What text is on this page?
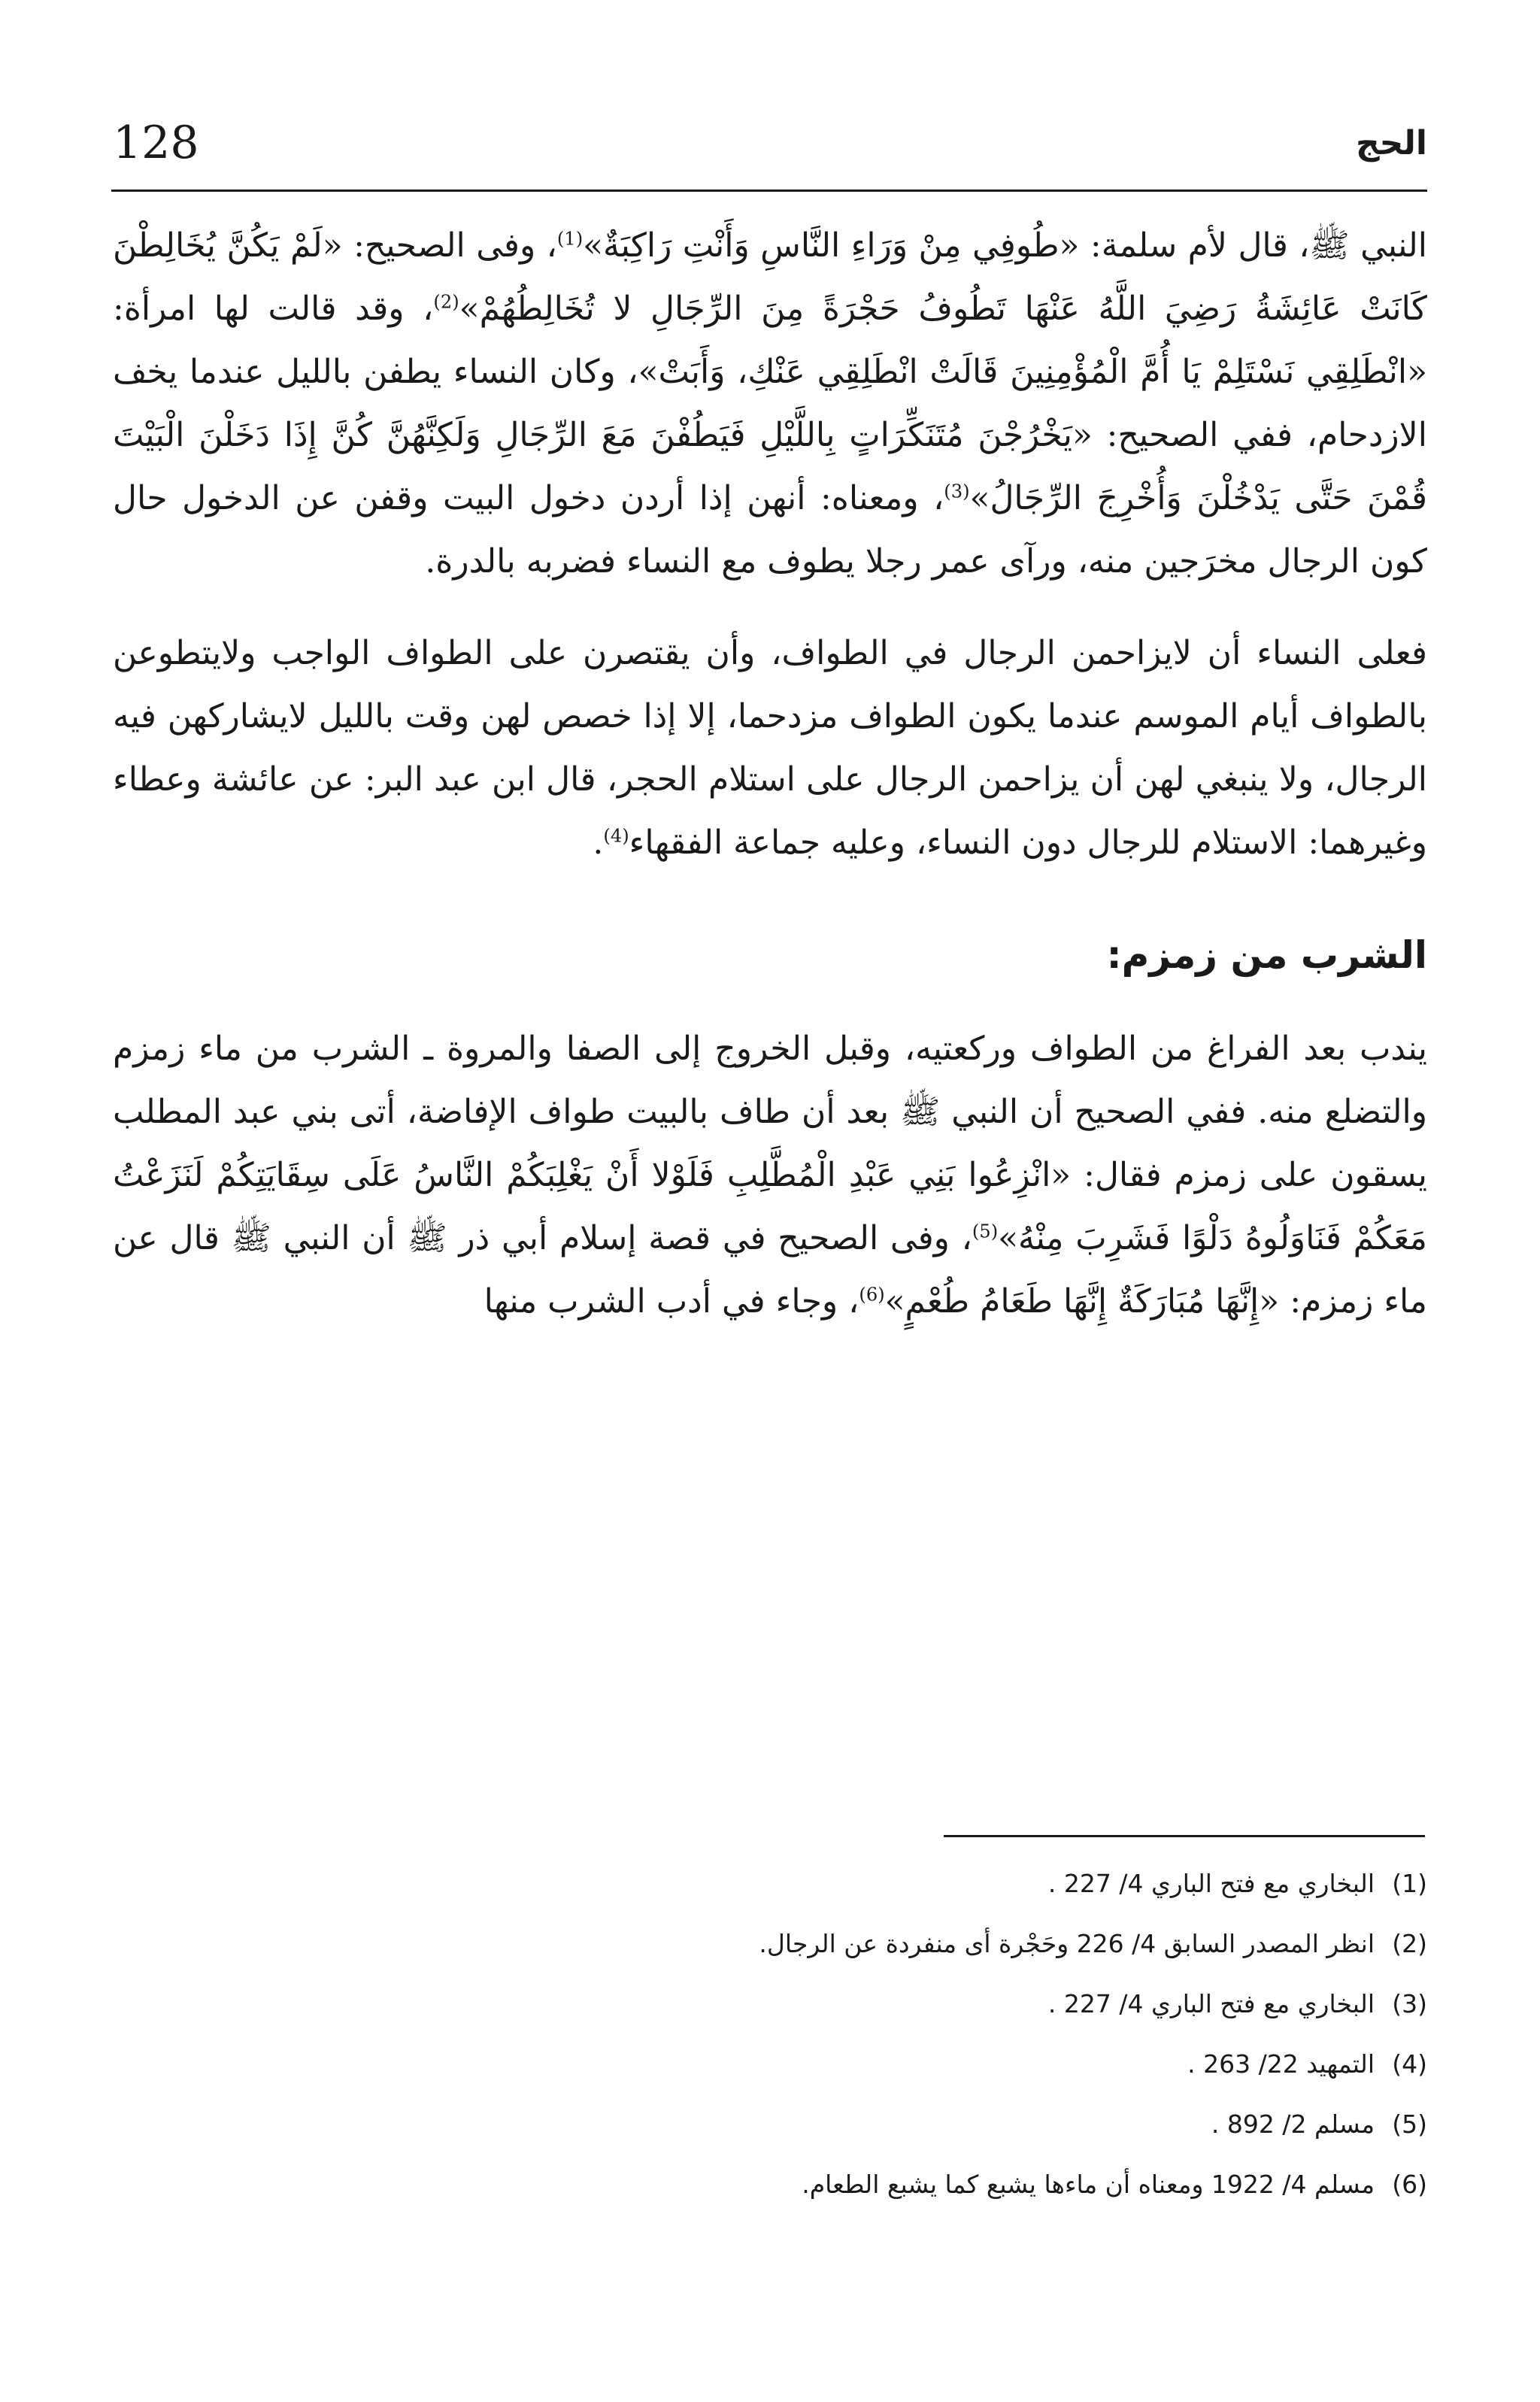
128	الحج

النبي ﷺ، قال لأم سلمة: «طُوفِي مِنْ وَرَاءِ النَّاسِ وَأَنْتِ رَاكِبَةٌ»$^{(1)}$، وفى الصحيح: «لَمْ يَكُنَّ يُخَالِطْنَ كَانَتْ عَائِشَةُ رَضِيَ اللَّهُ عَنْهَا تَطُوفُ حَجْرَةً مِنَ الرِّجَالِ لا تُخَالِطُهُمْ»$^{(2)}$، وقد قالت لها امرأة: «انْطَلِقِي نَسْتَلِمْ يَا أُمَّ الْمُؤْمِنِينَ قَالَتْ انْطَلِقِي عَنْكِ، وَأَبَتْ»، وكان النساء يطفن بالليل عندما يخف الازدحام، ففي الصحيح: «يَخْرُجْنَ مُتَنَكِّرَاتٍ بِاللَّيْلِ فَيَطُفْنَ مَعَ الرِّجَالِ وَلَكِنَّهُنَّ كُنَّ إِذَا دَخَلْنَ الْبَيْتَ قُمْنَ حَتَّى يَدْخُلْنَ وَأُخْرِجَ الرِّجَالُ»$^{(3)}$، ومعناه: أنهن إذا أردن دخول البيت وقفن عن الدخول حال كون الرجال مخرَجين منه، ورآى عمر رجلا يطوف مع النساء فضربه بالدرة.

فعلى النساء أن لايزاحمن الرجال في الطواف، وأن يقتصرن على الطواف الواجب ولايتطوعن بالطواف أيام الموسم عندما يكون الطواف مزدحما، إلا إذا خصص لهن وقت بالليل لايشاركهن فيه الرجال، ولا ينبغي لهن أن يزاحمن الرجال على استلام الحجر، قال ابن عبد البر: عن عائشة وعطاء وغيرهما: الاستلام للرجال دون النساء، وعليه جماعة الفقهاء$^{(4)}$.

الشرب من زمزم:

يندب بعد الفراغ من الطواف وركعتيه، وقبل الخروج إلى الصفا والمروة ـ الشرب من ماء زمزم والتضلع منه. ففي الصحيح أن النبي ﷺ بعد أن طاف بالبيت طواف الإفاضة، أتى بني عبد المطلب يسقون على زمزم فقال: «انْزِعُوا بَنِي عَبْدِ الْمُطَّلِبِ فَلَوْلا أَنْ يَغْلِبَكُمْ النَّاسُ عَلَى سِقَايَتِكُمْ لَنَزَعْتُ مَعَكُمْ فَنَاوَلُوهُ دَلْوًا فَشَرِبَ مِنْهُ»$^{(5)}$، وفى الصحيح في قصة إسلام أبي ذر ﷺ أن النبي ﷺ قال عن ماء زمزم: «إِنَّهَا مُبَارَكَةٌ إِنَّهَا طَعَامُ طُعْمٍ»$^{(6)}$، وجاء في أدب الشرب منها

(1)
البخاري مع فتح الباري 4/ 227 .
(2)
انظر المصدر السابق 4/ 226 وحَجْرة أى منفردة عن الرجال.
(3)
البخاري مع فتح الباري 4/ 227 .
(4)
التمهيد 22/ 263 .
(5)
مسلم 2/ 892 .
(6)
مسلم 4/ 1922 ومعناه أن ماءها يشبع كما يشبع الطعام.
